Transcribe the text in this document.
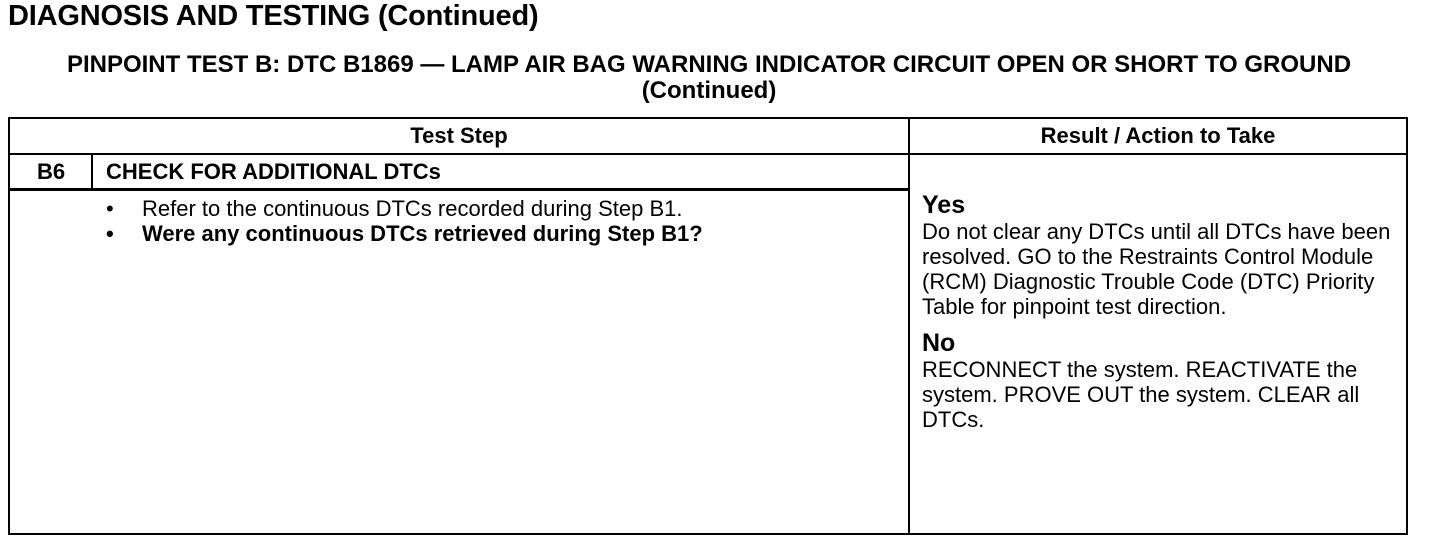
DIAGNOSIS AND TESTING (Continued)
PINPOINT TEST B: DTC B1869 — LAMP AIR BAG WARNING INDICATOR CIRCUIT OPEN OR SHORT TO GROUND (Continued)
Test Step	Result / Action to Take
B6	CHECK FOR ADDITIONAL DTCs
• Refer to the continuous DTCs recorded during Step B1.
• Were any continuous DTCs retrieved during Step B1?

Yes

Do not clear any DTCs until all DTCs have been resolved. GO to the Restraints Control Module (RCM) Diagnostic Trouble Code (DTC) Priority Table for pinpoint test direction.

No

RECONNECT the system. REACTIVATE the system. PROVE OUT the system. CLEAR all DTCs.
